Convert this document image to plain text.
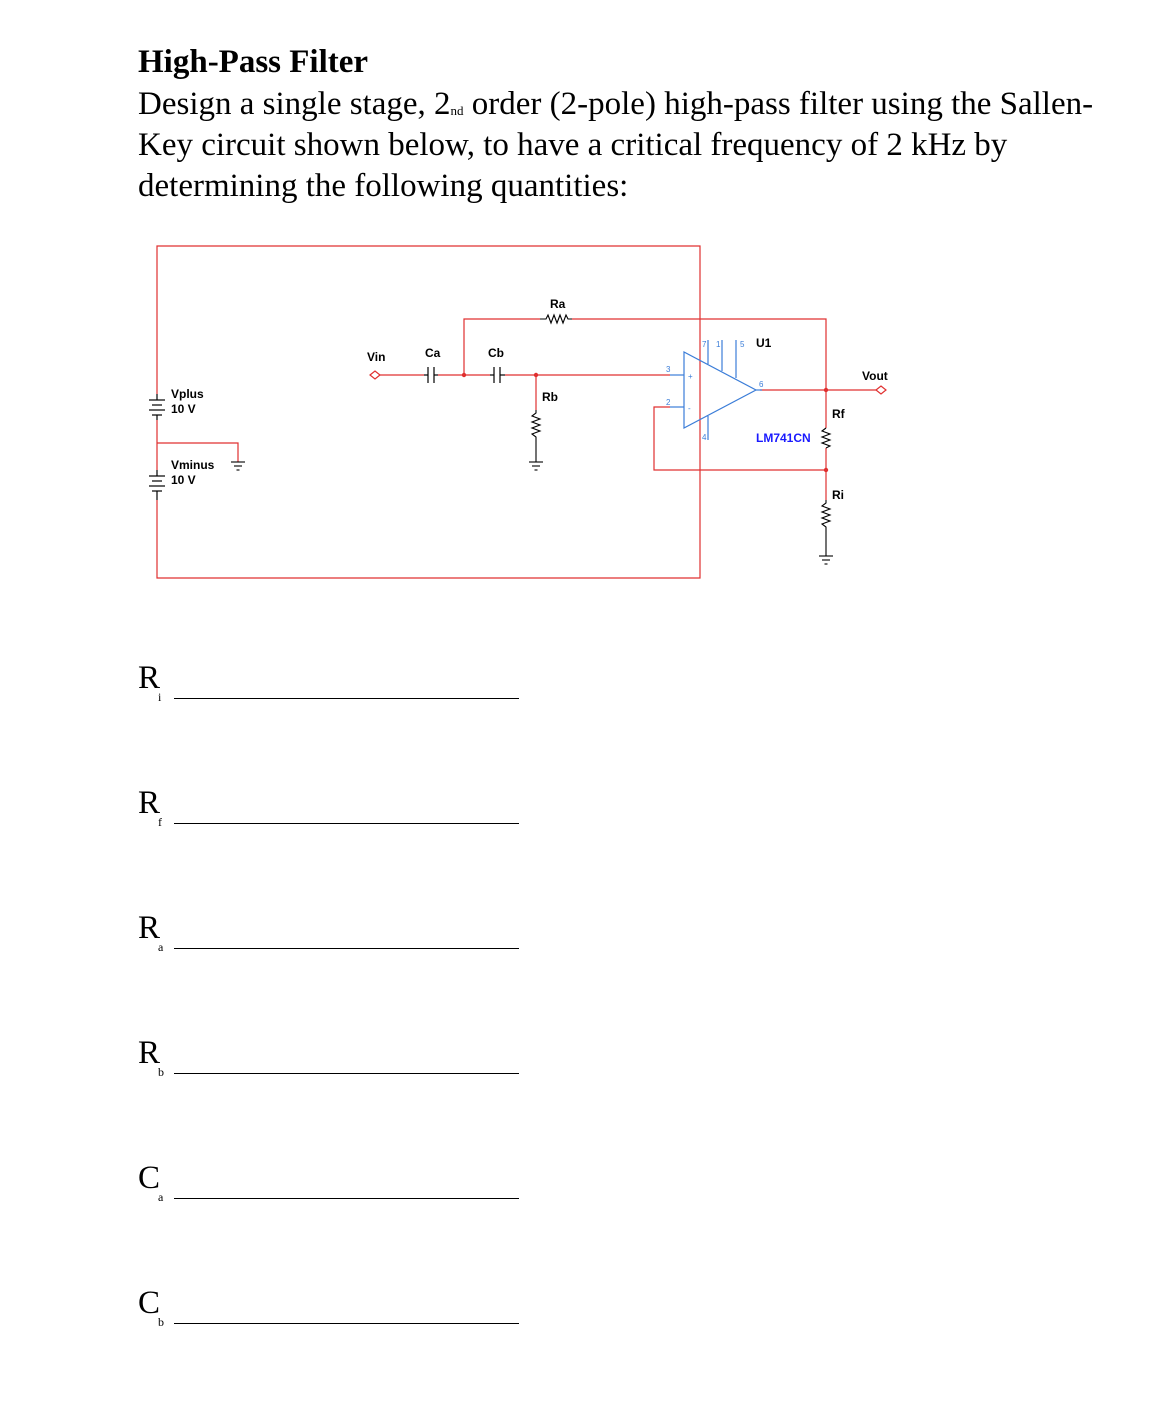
High-Pass Filter
Design a single stage, 2nd order (2-pole) high-pass filter using the Sallen-Key circuit shown below, to have a critical frequency of 2 kHz by determining the following quantities:
Vin
Vout
Ca	Cb
Ra
Rb
Rf
Ri
7 1 5
3
2
6
4
+
-
U1
LM741CN
Vplus
10 V
Vminus
10 V
R
i
R
f
R
a
R
b
C
a
C
b
